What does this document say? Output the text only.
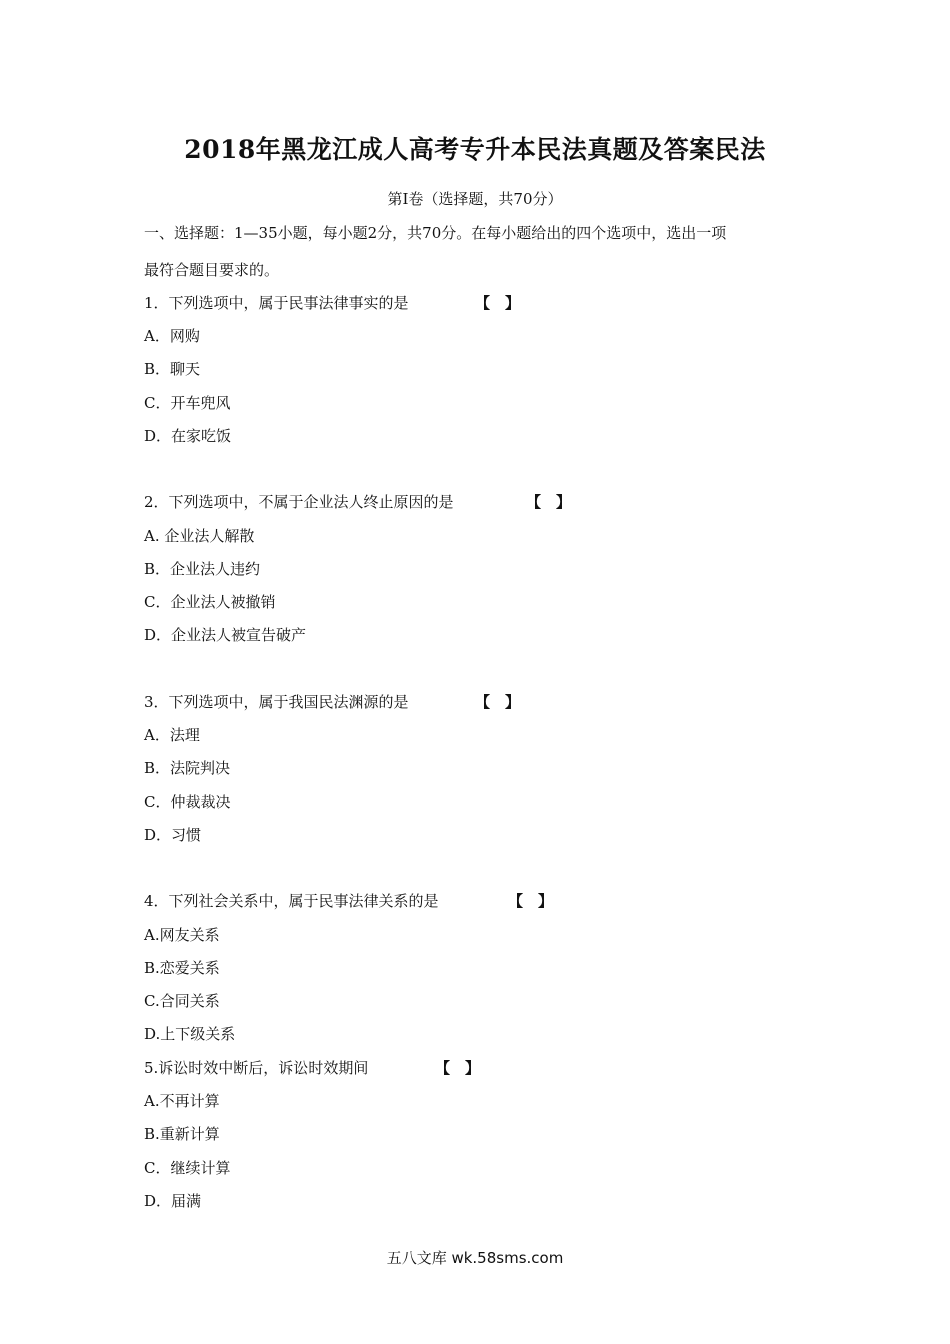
2018年黑龙江成人高考专升本民法真题及答案民法
第I卷（选择题，共70分）
一、选择题：1—35小题，每小题2分，共70分。在每小题给出的四个选项中，选出一项
最符合题目要求的。
1．下列选项中，属于民事法律事实的是	【　】
A．网购
B．聊天
C．开车兜风
D．在家吃饭
2．下列选项中，不属于企业法人终止原因的是	【　】
A. 企业法人解散
B．企业法人违约
C．企业法人被撤销
D．企业法人被宣告破产
3．下列选项中，属于我国民法渊源的是	【　】
A．法理
B．法院判决
C．仲裁裁决
D．习惯
4．下列社会关系中，属于民事法律关系的是	【　】
A.网友关系
B.恋爱关系
C.合同关系
D.上下级关系
5.诉讼时效中断后，诉讼时效期间	【　】
A.不再计算
B.重新计算
C．继续计算
D．届满
五八文库 wk.58sms.com
